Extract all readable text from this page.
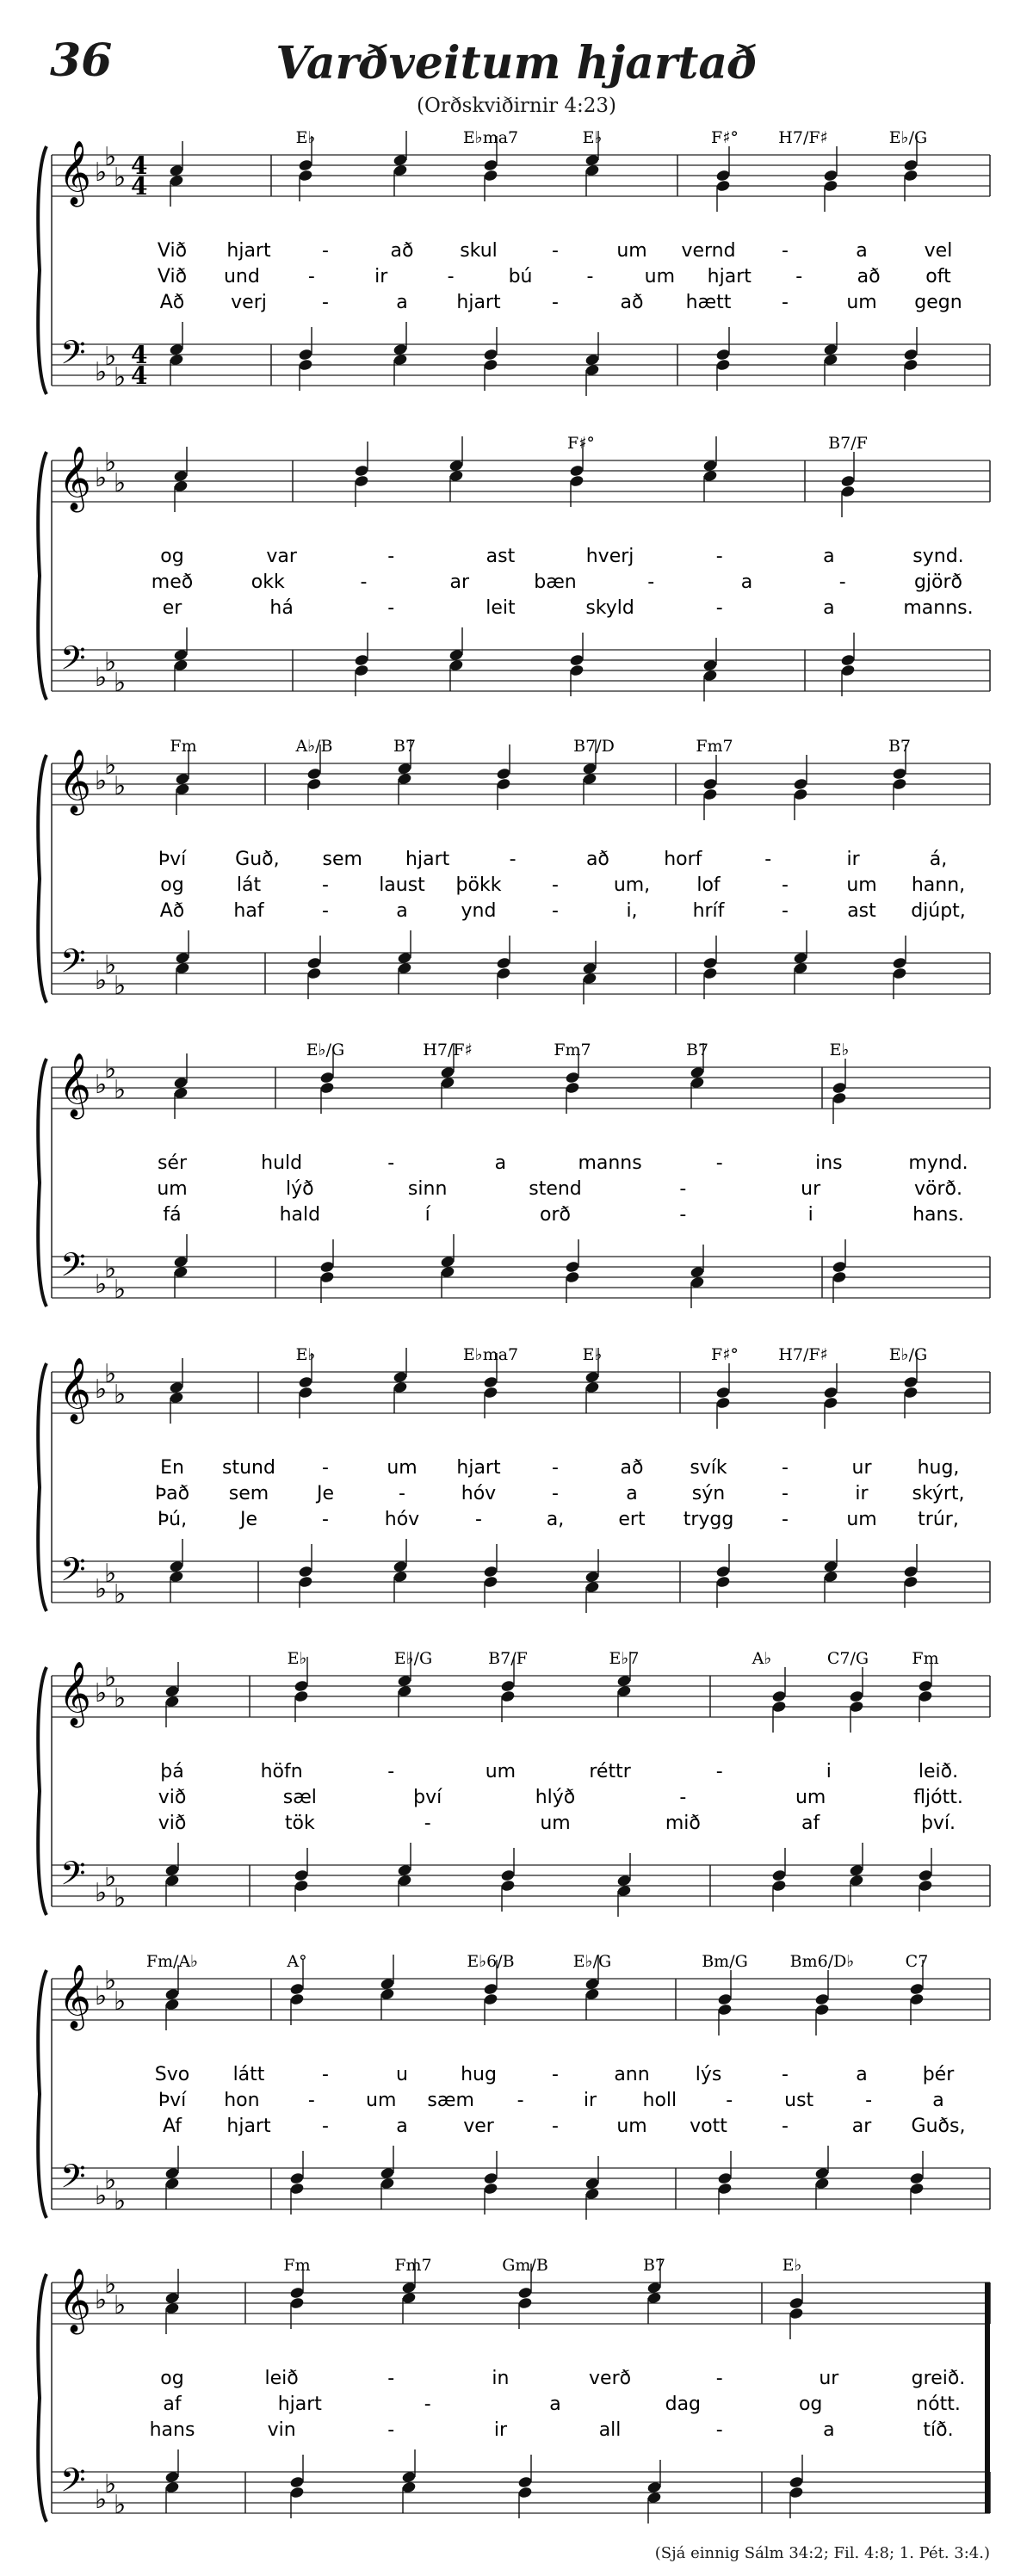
36	Varðveitum hjartað
(Orðskviðirnir 4:23)
E♭	E♭ma7	E♭	F♯° H7/F♯	E♭/G
𝄞 ♭
♭
♭ 4
4
𝄢 ♭
♭
♭
4
4
Við hjart	-	að skul	-	um vernd -	a	vel
Við und	-	ir	-	bú	-	um hjart -	að oft
Að verj	-	a	hjart	-	að hætt	-	um gegn
F♯°	B7/F
𝄞 ♭
♭
♭
𝄢 ♭
♭
♭
og	var	-	ast	hverj	-	a	synd.
með	okk	-	ar	bæn	-	a	-	gjörð
er	há	-	leit	skyld	-	a	manns.
Fm	A♭/B	B7	B7/D	Fm7	B7
𝄞 ♭
♭
♭
𝄢 ♭
♭
♭
Því	Guð, sem hjart	-	að	horf	-	ir	á,
og	lát	-	laust þökk	-	um, lof	-	um hann,
Að	haf	-	a	ynd	-	i,	hríf	-	ast djúpt,
E♭/G	H7/F♯	Fm7	B7	E♭
𝄞 ♭
♭
♭
𝄢 ♭
♭
♭
sér	huld	-	a	manns	-	ins	mynd.
um	lýð	sinn	stend	-	ur	vörð.
fá	hald	í	orð	-	i	hans.
E♭	E♭ma7	E♭	F♯° H7/F♯	E♭/G
𝄞 ♭
♭
♭
𝄢 ♭
♭
♭
En stund -	um hjart	-	að svík	-	ur hug,
Það sem	Je	-	hóv	-	a	sýn	-	ir skýrt,
Þú,	Je	-	hóv	-	a,	ert trygg	-	um trúr,
E♭	E♭/G	B7/F	E♭7	A♭	C7/G	Fm
𝄞 ♭
♭
♭
𝄢 ♭
♭
♭
þá	höfn	-	um	réttr	-	i	leið.
við	sæl	því	hlýð	-	um	fljótt.
við	tök	-	um	mið	af	því.
Fm/A♭	A°	E♭6/B	E♭/G	Bm/G	Bm6/D♭	C7
𝄞 ♭
♭
♭
𝄢 ♭
♭
♭
Svo látt	-	u	hug	-	ann lýs	-	a	þér
Því hon	-	um sæm -	ir holl	-	ust	-	a
Af hjart	-	a	ver	-	um vott	-	ar Guðs,
Fm	Fm7	Gm/B	B7	E♭
𝄞 ♭
♭
♭
𝄢 ♭
♭
♭
og	leið	-	in	verð	-	ur	greið.
af	hjart	-	a	dag	og	nótt.
hans	vin	-	ir	all	-	a	tíð.
(Sjá einnig Sálm 34:2; Fil. 4:8; 1. Pét. 3:4.)
